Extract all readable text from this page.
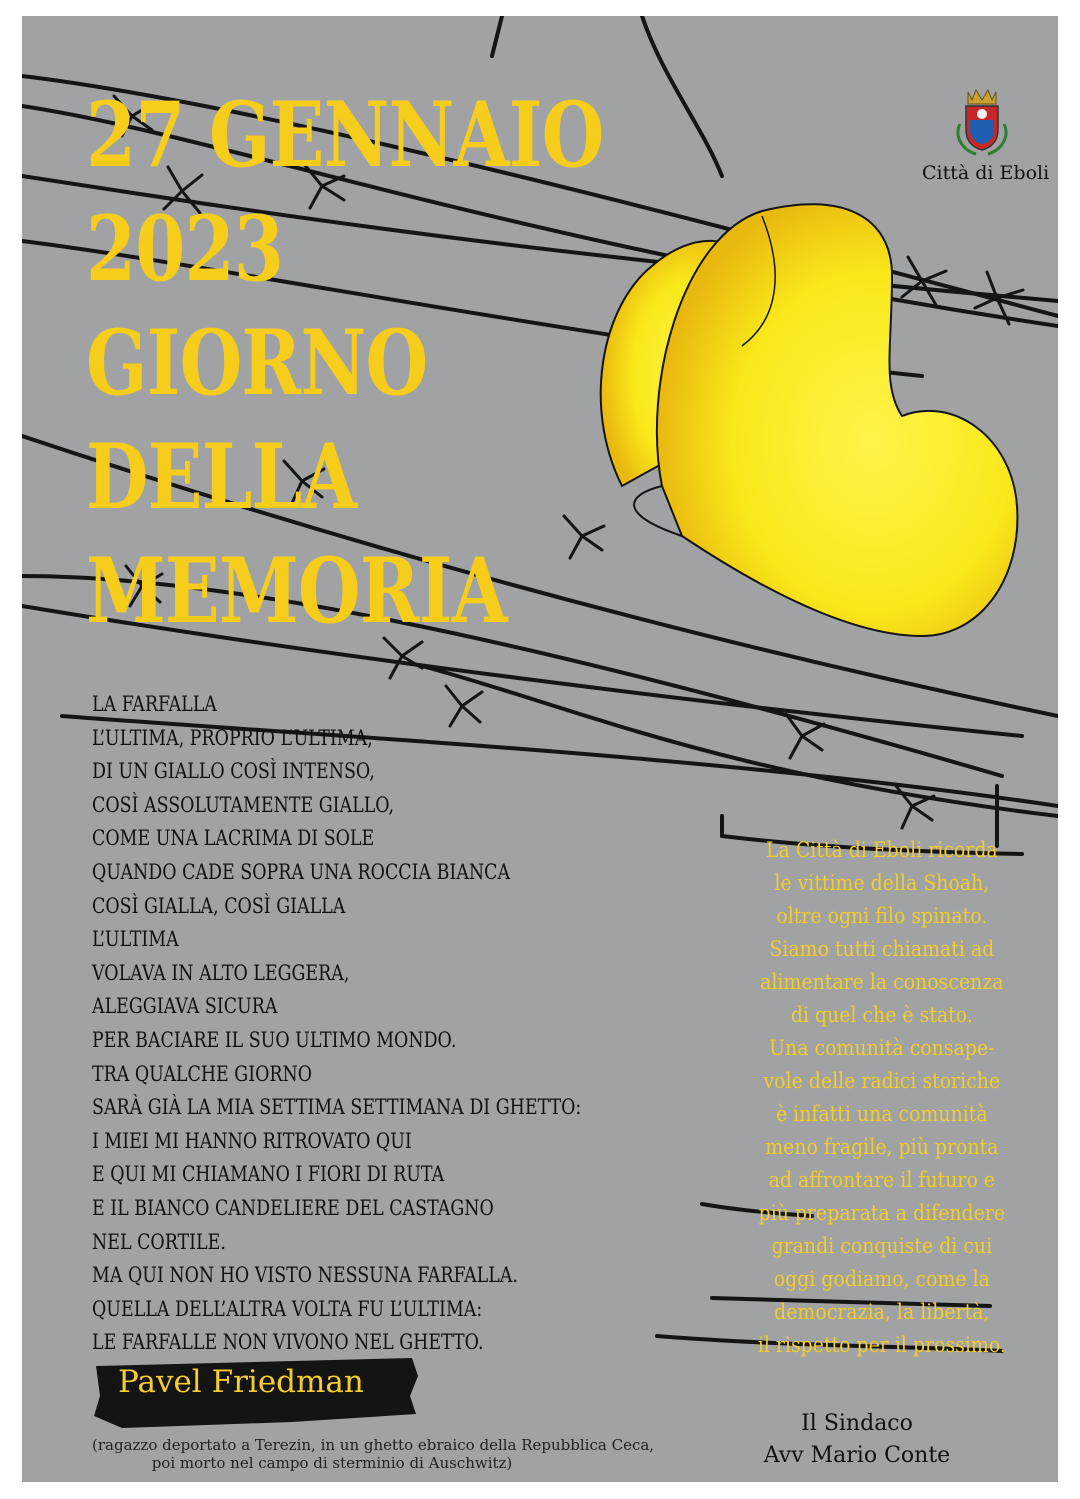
27 GENNAIO
2023
GIORNO
DELLA
MEMORIA
Città di Eboli
LA FARFALLA
L’ULTIMA, PROPRIO L’ULTIMA,
DI UN GIALLO COSÌ INTENSO,
COSÌ ASSOLUTAMENTE GIALLO,
COME UNA LACRIMA DI SOLE
QUANDO CADE SOPRA UNA ROCCIA BIANCA
COSÌ GIALLA, COSÌ GIALLA
L’ULTIMA
VOLAVA IN ALTO LEGGERA,
ALEGGIAVA SICURA
PER BACIARE IL SUO ULTIMO MONDO.
TRA QUALCHE GIORNO
SARÀ GIÀ LA MIA SETTIMA SETTIMANA DI GHETTO:
I MIEI MI HANNO RITROVATO QUI
E QUI MI CHIAMANO I FIORI DI RUTA
E IL BIANCO CANDELIERE DEL CASTAGNO
NEL CORTILE.
MA QUI NON HO VISTO NESSUNA FARFALLA.
QUELLA DELL’ALTRA VOLTA FU L’ULTIMA:
LE FARFALLE NON VIVONO NEL GHETTO.
La Città di Eboli ricorda
le vittime della Shoah,
oltre ogni filo spinato.
Siamo tutti chiamati ad
alimentare la conoscenza
di quel che è stato.
Una comunità consape-
vole delle radici storiche
è infatti una comunità
meno fragile, più pronta
ad affrontare il futuro e
più preparata a difendere
grandi conquiste di cui
oggi godiamo, come la
democrazia, la libertà,
il rispetto per il prossimo.
Pavel Friedman
(ragazzo deportato a Terezin, in un ghetto ebraico della Repubblica Ceca,
poi morto nel campo di sterminio di Auschwitz)
Il Sindaco
Avv Mario Conte
